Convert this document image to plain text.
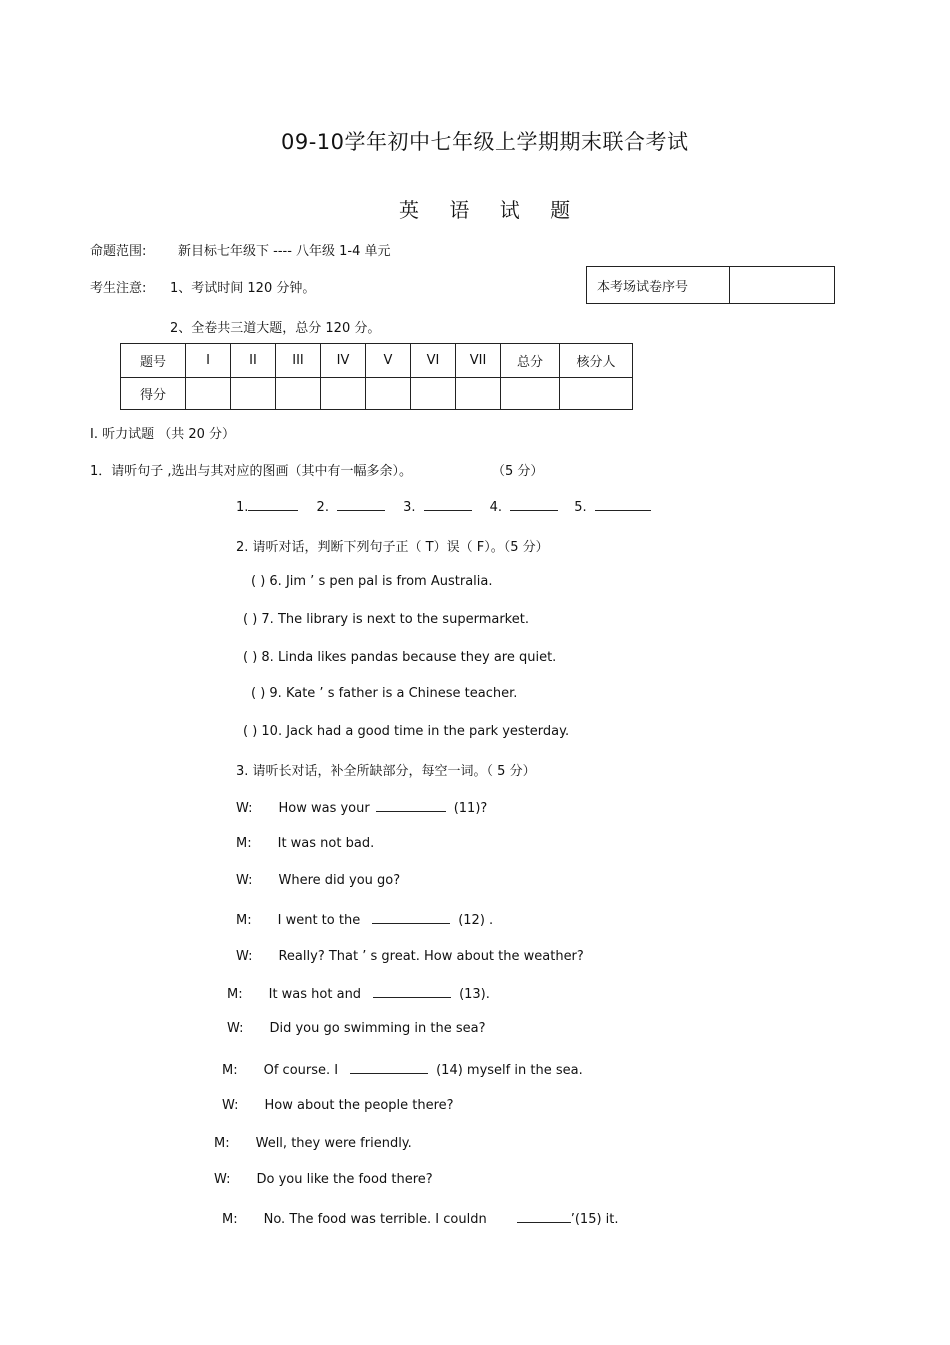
09-10学年初中七年级上学期期末联合考试
英 语 试 题
命题范围: 新目标七年级下 ---- 八年级 1-4 单元
考生注意: 1、考试时间 120 分钟。
2、全卷共三道大题，总分 120 分。
本考场试卷序号
题号	I	II	III	IV	V	VI	VII	总分	核分人
得分									
I. 听力试题 （共 20 分）
1．请听句子 ,选出与其对应的图画（其中有一幅多余）。	（5 分）
1.	2.	3.	4.	5.
2. 请听对话，判断下列句子正（ T）误（ F）。（5 分）
( ) 6. Jim ’ s pen pal is from Australia.
( ) 7. The library is next to the supermarket.
( ) 8. Linda likes pandas because they are quiet.
( ) 9. Kate ’ s father is a Chinese teacher.
( ) 10. Jack had a good time in the park yesterday.
3. 请听长对话，补全所缺部分，每空一词。（ 5 分）
W: How was your	(11)?
M: It was not bad.
W: Where did you go?
M: I went to the	(12) .
W: Really? That ’ s great. How about the weather?
M: It was hot and	(13).
W: Did you go swimming in the sea?
M: Of course. I	(14) myself in the sea.
W: How about the people there?
M: Well, they were friendly.
W: Do you like the food there?
M: No. The food was terrible. I couldn	’(15) it.
